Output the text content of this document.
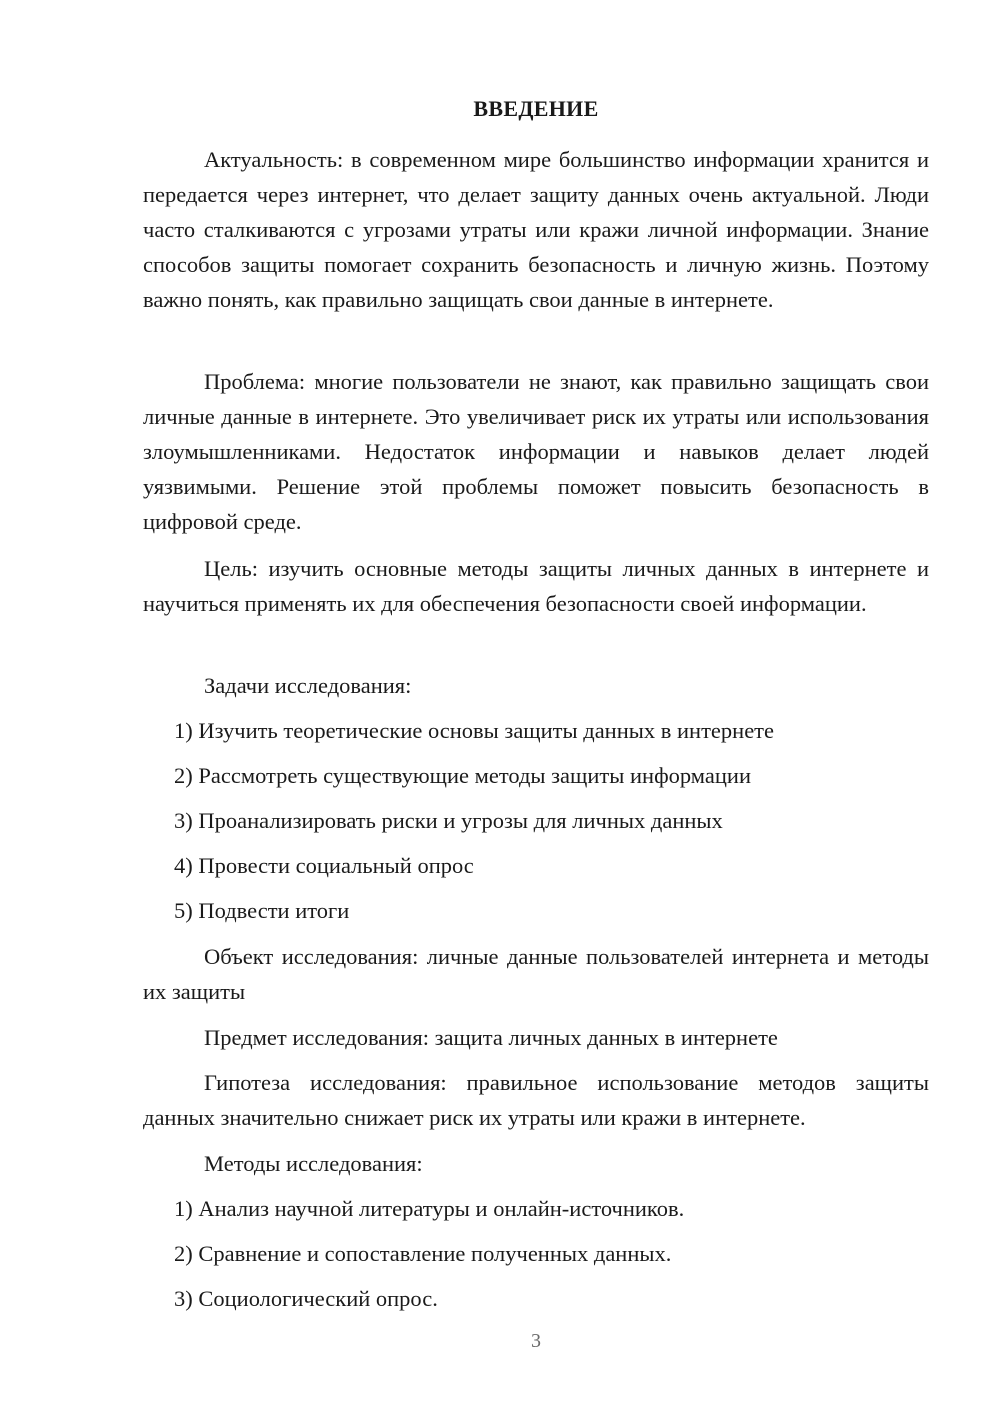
ВВЕДЕНИЕ

Актуальность: в современном мире большинство информации хранится и передается через интернет, что делает защиту данных очень актуальной. Люди часто сталкиваются с угрозами утраты или кражи личной информации. Знание способов защиты помогает сохранить безопасность и личную жизнь. Поэтому важно понять, как правильно защищать свои данные в интернете.

Проблема: многие пользователи не знают, как правильно защищать свои личные данные в интернете. Это увеличивает риск их утраты или использования злоумышленниками. Недостаток информации и навыков делает людей уязвимыми. Решение этой проблемы поможет повысить безопасность в цифровой среде.

Цель: изучить основные методы защиты личных данных в интернете и научиться применять их для обеспечения безопасности своей информации.

Задачи исследования:
1) Изучить теоретические основы защиты данных в интернете
2) Рассмотреть существующие методы защиты информации
3) Проанализировать риски и угрозы для личных данных
4) Провести социальный опрос
5) Подвести итоги

Объект исследования: личные данные пользователей интернета и методы их защиты

Предмет исследования: защита личных данных в интернете

Гипотеза исследования: правильное использование методов защиты данных значительно снижает риск их утраты или кражи в интернете.

Методы исследования:
1) Анализ научной литературы и онлайн-источников.
2) Сравнение и сопоставление полученных данных.
3) Социологический опрос.
3
